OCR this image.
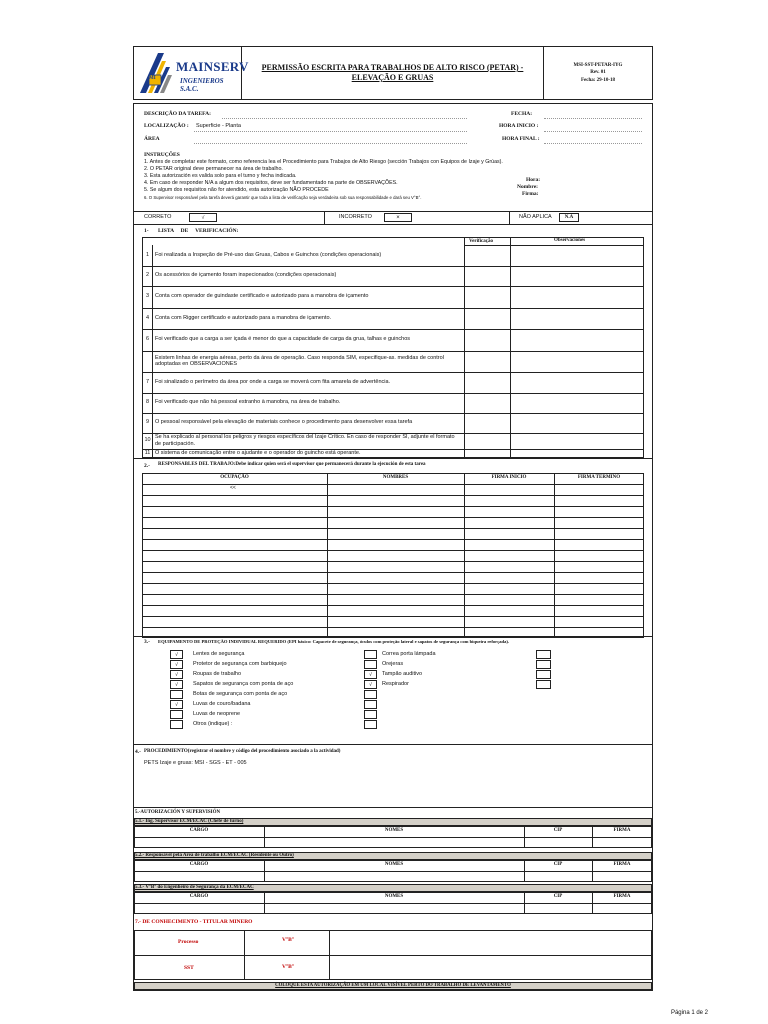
MI
MAINSERV
INGENIEROS S.A.C.
PERMISSÃO ESCRITA PARA TRABALHOS DE ALTO RISCO (PETAR) - ELEVAÇÃO E GRUAS
MSI-SST-PETAR-IYG
Rev. 01
Fecha: 29-10-18
DESCRIÇÃO DA TAREFA:
LOCALIZAÇÃO : Superficie - Planta
ÁREA
FECHA:
HORA INICIO :
HORA FINAL :
INSTRUÇÕES
1. Antes de completar este formato, como referencia lea el Procedimiento para Trabajos de Alto Riesgo (sección Trabajos con Equipos de Izaje y Grúas).
2. O PETAR original deve permanecer na área de trabalho.
3. Esta autorización es valida solo para el turno y fecha indicada.
4. Em caso de responder N/A a algum dos requisitos, deve ser fundamentado na parte de OBSERVAÇÕES.
5. Se algum dos requisitos não for atendido, esta autorização NÃO PROCEDE
6. O Supervisor responsável pela tarefa deverá garantir que toda a lista de verificação seja verdadeira sob sua responsabilidade e dará seu V°B°.
Hora:
Nombre:
Firma:
CORRETO	√	INCORRETO	×	NÃO APLICA	N.A
1- LISTA     DE     VERIFICACIÓN:
Verificação	Observaciones
1	Foi realizada a Inspeção de Pré-uso das Gruas, Cabos e Guinchos (condições operacionais)
2	Os acessórios de içamento foram inspecionados (condições operacionais)
3	Conta com operador de guindaste certificado e autorizado para a manobra de içamento
4	Conta com Rigger certificado e autorizado para a manobra de içamento.
6	Foi verificado que a carga a ser içada é menor do que a capacidade de carga da grua, talhas e guinchos
Existem linhas de energia aéreas, perto da área de operação. Caso responda SIM, especifique-as. medidas de control adoptadas en OBSERVACIONES
7	Foi sinalizado o perímetro da área por onde a carga se moverá com fita amarela de advertência.
8	Foi verificado que não há pessoal estranho à manobra, na área de trabalho.
9	O pessoal responsável pela elevação de materiais conhece o procedimento para desenvolver essa tarefa
10 Se ha explicado al personal los peligros y riesgos específicos del Izaje Crítico. En caso de responder SI, adjunte el formato de participación.
11 O sistema de comunicação entre o ajudante e o operador do guincho está operante.
2.- RESPONSABLES DEL TRABAJO:Debe indicar quien será el supervisor que permanecerá durante la ejecución de esta tarea
OCUPAÇÃO	NOMBRES	FIRMA INICIO	FIRMA TERMINO
<<
3.- EQUIPAMENTO DE PROTEÇÃO INDIVIDUAL REQUERIDO (EPI básico: Capacete de segurança, óculos com proteção lateral e sapatos de segurança com biqueira reforçada).
√	Lentes de segurança
√	Protetor de segurança com barbiquejo
√	Roupas de trabalho
√	Sapatos de segurança com ponta de aço
Botas de segurança com ponta de aço
√	Luvas de couro/badana
Luvas de neoprene
Otros (indique) :
Correa porta lámpada
Orejeras
√	Tampão auditivo
√	Respirador
4.- PROCEDIMIENTO(registrar el nombre y código del procedimiento asociado a la actividad)
PETS Izaje e gruas: MSI - SGS - ET - 005
5.-AUTORIZACIÓN Y SUPERVISIÓN
5.1.- Ing. Supervisor ECM/ECAC (Chefe de turno)
CARGO	NOMES	CIP	FIRMA
5.2.- Responsável pela Area de trabalho ECM/ECAC (Residente ou Outro)
CARGO	NOMES	CIP	FIRMA
5.3.- V°B° do Engenheiro de Segurança da ECM/ECAC
CARGO	NOMES	CIP	FIRMA
7.- DE CONHECIMENTO - TITULAR MINERO
Processo	V°B°
SST	V°B°
COLOQUE ESTA AUTORIZAÇÃO EM UM LOCAL VISÍVEL PERTO DO TRABALHO DE LEVANTAMENTO
Página 1 de 2
